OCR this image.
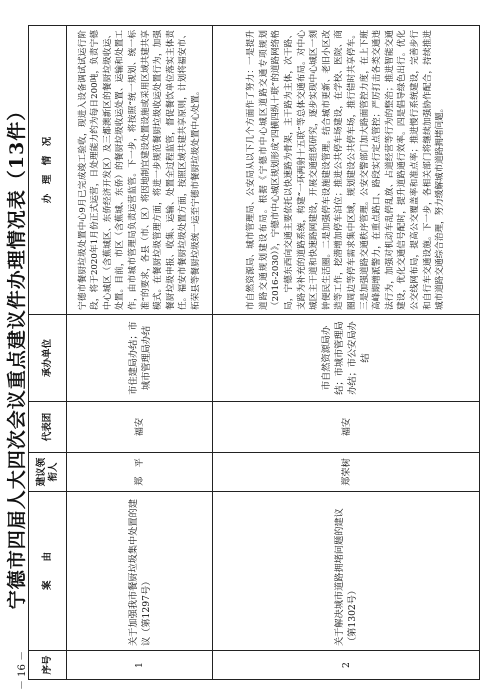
宁德市四届人大四次会议重点建议件办理情况表（13件）
序号	案　　由	建议领衔人	代表团	承办单位	办　理　情　况
1	关于加强我市餐厨垃圾集中处置的建议（第1297号）	郑　平	福安	市住建局办结；市城市管理局办结	宁德市餐厨垃圾处置中心9月已完成竣工验收，现进入设备调试试运行阶段，将于2020年1月份正式运营，日处理能力约为每日200吨，负责宁德中心城区（含蕉城区、东侨经济开发区）及三都澳新区的餐厨垃圾收运、处置。目前，市区（含蕉城、东侨）的餐厨垃圾收运处置、运输和处置工作，由市城市管理局负责运营监管。下一步，将按照“统一规划、统一标准”的要求，各县（市、区）将因地制宜建设处置设施或采用区域共建共享模式。在餐厨垃圾管理方面，将进一步规范餐厨垃圾收运处置行为，加强餐厨垃圾申报、收集、运输、处置全过程监管，督促餐饮单位落实主体责任。福安市餐厨垃圾处置方面，按照区域共建共享原则，计划将福安市、柘荣县等餐厨垃圾统一运至宁德市餐厨垃圾处置中心处置。
2	关于解决城市道路拥堵问题的建议（第1302号）	郑荣树	福安	市自然资源局办结；市城市管理局办结；市公安局办结	市自然资源局、城市管理局、公安局从以下几个方面作了努力：一是提升道路交通规划建设布局。根据《宁德市中心城区道路交通专项规划（2016-2030）》，宁德市中心城区规划形成“四横四纵十联”的道路网络格局，宁德东西向交通主要依托以快速路为骨架，主干路为主体，次干路、支路为补充的道路系统，构建“一环两射十五联”等总体交通布局。对中心城区主干道和快速路网建设，开展交通组织研究，逐步实现中心城区一刻钟便民生活圈。二是加强停车设施建设管理。结合城市更新、老旧小区改造等工作，挖潜增加停车泊位；推进公共停车场建设，在学校、医院、商圈周边等停车需求集中区域，规划建设公共停车场，推行错时共享停车。三是加强道路交通秩序管理。公安交警部门加大路面管控力度，在上下班高峰期增派警力，在重点路口、路段实行定点管控；严厉打击各类交通违法行为，加强对机动车乱停乱放、占道经营等行为的整治；推进智能交通建设，优化交通信号配时，提升道路通行效率。四是倡导绿色出行。优化公交线网布局，提高公交覆盖率和准点率；推进慢行系统建设，完善步行和自行车交通设施。下一步，各相关部门将继续加强协作配合，持续推进城市道路交通综合治理，努力缓解城市道路拥堵问题。
－ 16 －
